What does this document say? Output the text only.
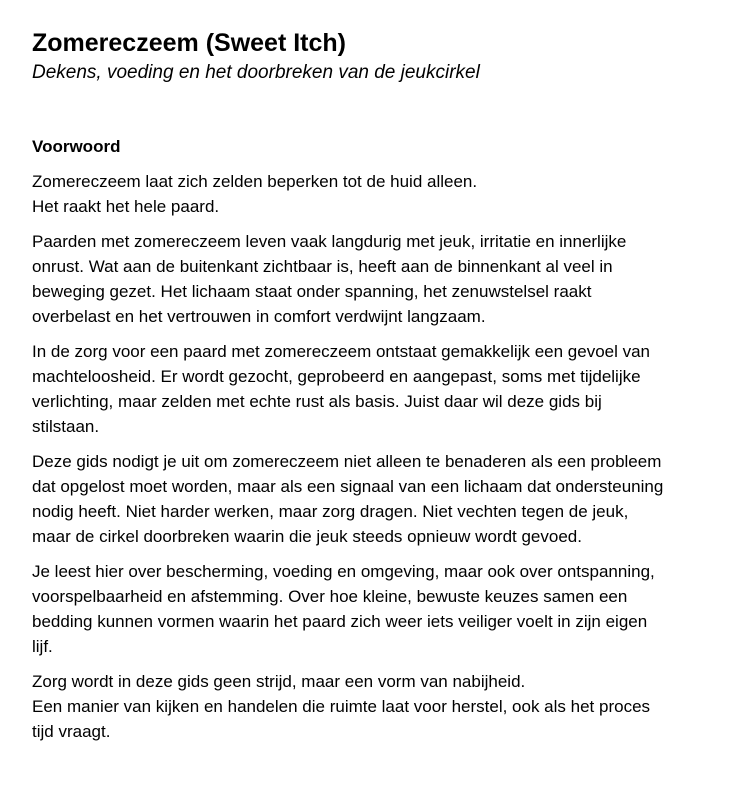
Zomereczeem (Sweet Itch)
Dekens, voeding en het doorbreken van de jeukcirkel
Voorwoord

Zomereczeem laat zich zelden beperken tot de huid alleen.
Het raakt het hele paard.

Paarden met zomereczeem leven vaak langdurig met jeuk, irritatie en innerlijke
onrust. Wat aan de buitenkant zichtbaar is, heeft aan de binnenkant al veel in
beweging gezet. Het lichaam staat onder spanning, het zenuwstelsel raakt
overbelast en het vertrouwen in comfort verdwijnt langzaam.

In de zorg voor een paard met zomereczeem ontstaat gemakkelijk een gevoel van
machteloosheid. Er wordt gezocht, geprobeerd en aangepast, soms met tijdelijke
verlichting, maar zelden met echte rust als basis. Juist daar wil deze gids bij
stilstaan.

Deze gids nodigt je uit om zomereczeem niet alleen te benaderen als een probleem
dat opgelost moet worden, maar als een signaal van een lichaam dat ondersteuning
nodig heeft. Niet harder werken, maar zorg dragen. Niet vechten tegen de jeuk,
maar de cirkel doorbreken waarin die jeuk steeds opnieuw wordt gevoed.

Je leest hier over bescherming, voeding en omgeving, maar ook over ontspanning,
voorspelbaarheid en afstemming. Over hoe kleine, bewuste keuzes samen een
bedding kunnen vormen waarin het paard zich weer iets veiliger voelt in zijn eigen
lijf.

Zorg wordt in deze gids geen strijd, maar een vorm van nabijheid.
Een manier van kijken en handelen die ruimte laat voor herstel, ook als het proces
tijd vraagt.
